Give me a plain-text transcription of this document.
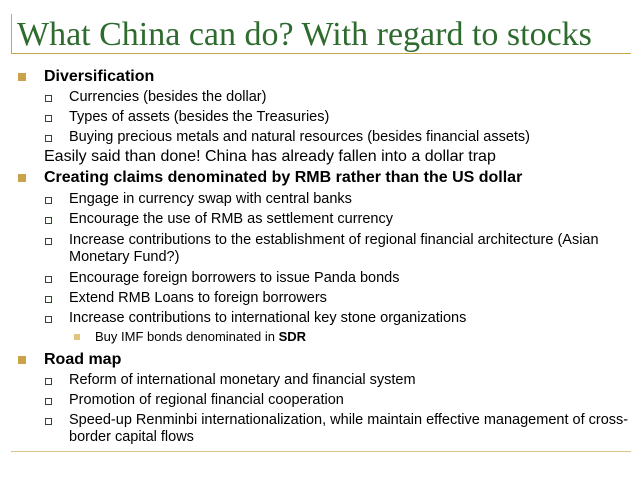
What China can do? With regard to stocks
Diversification
Currencies (besides the dollar)
Types of assets (besides the Treasuries)
Buying precious metals and natural resources (besides financial assets)
Easily said than done! China has already fallen into a dollar trap
Creating claims denominated by RMB rather than the US dollar
Engage in currency swap with central banks
Encourage the use of RMB as settlement currency
Increase contributions to the establishment of regional financial architecture (Asian Monetary Fund?)
Encourage foreign borrowers to issue Panda bonds
Extend RMB Loans to foreign borrowers
Increase contributions to international key stone organizations
Buy IMF bonds denominated in SDR
Road map
Reform of international monetary and financial system
Promotion of regional financial cooperation
Speed-up Renminbi internationalization, while maintain effective management of cross-border capital flows
